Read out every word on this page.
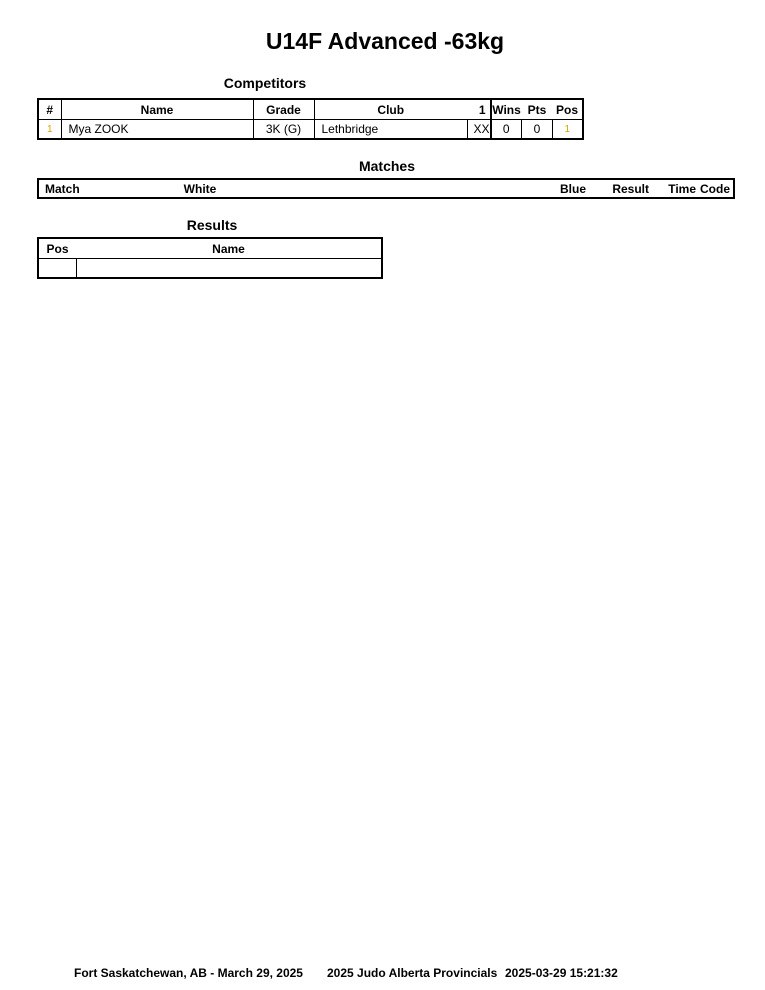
U14F Advanced -63kg
Competitors
#	Name	Grade	Club	1	Wins	Pts	Pos
1	Mya ZOOK	3K (G)	Lethbridge	XX	0	0	1
Matches
Match	White	Blue	Result	Time	Code
Results
Pos	Name

Fort Saskatchewan, AB - March 29, 2025 2025 Judo Alberta Provincials 2025-03-29 15:21:32
